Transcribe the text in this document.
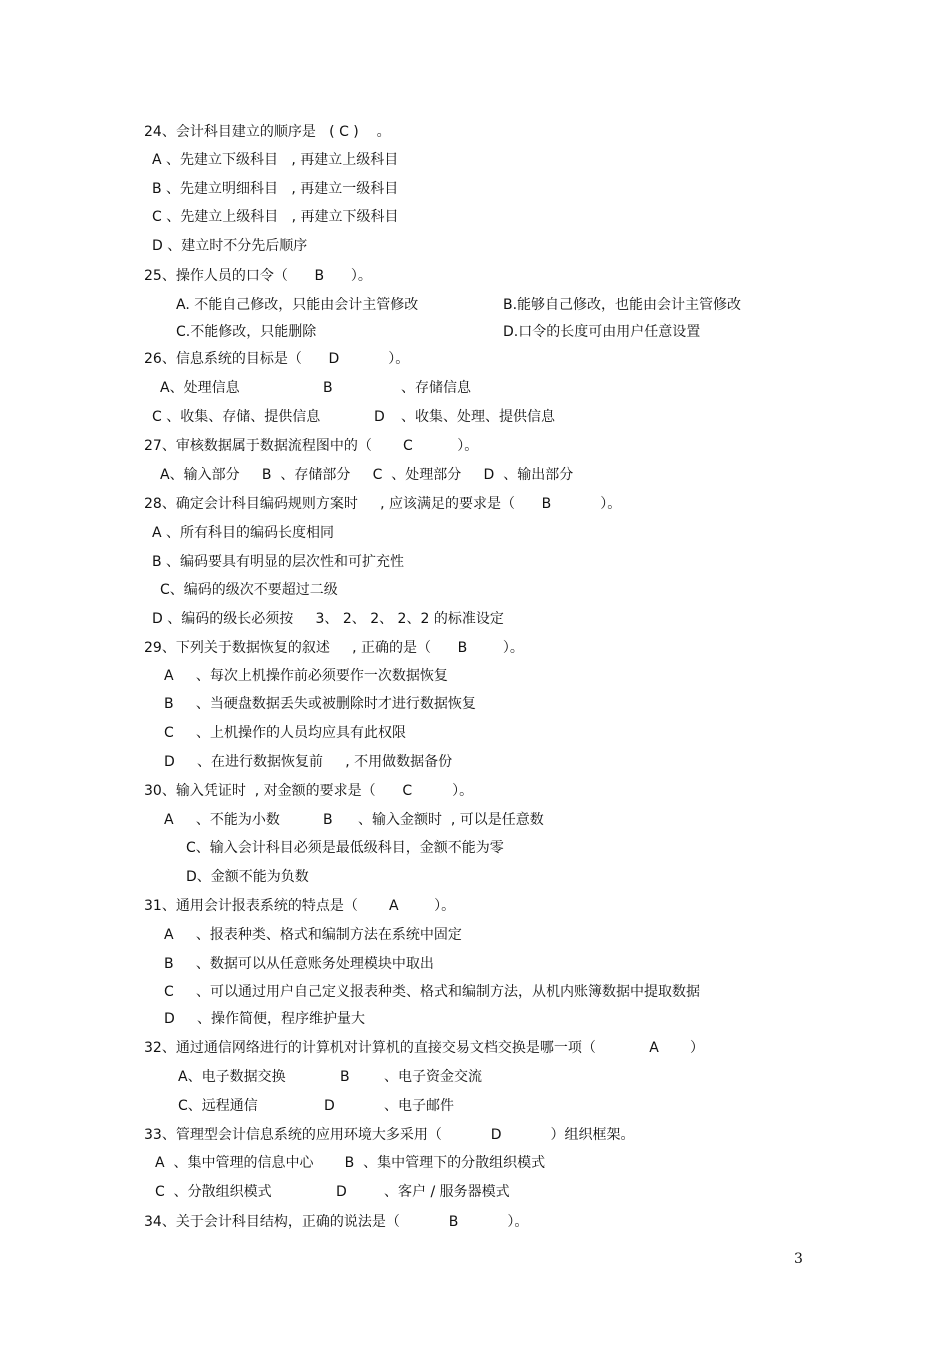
24、会计科目建立的顺序是   ( C )    。
A 、先建立下级科目   , 再建立上级科目
B 、先建立明细科目   , 再建立一级科目
C 、先建立上级科目   , 再建立下级科目
D 、建立时不分先后顺序
25、操作人员的口令（      B      ）。
A. 不能自己修改，只能由会计主管修改	B.能够自己修改，也能由会计主管修改
C.不能修改，只能删除	D.口令的长度可由用户任意设置
26、信息系统的目标是（      D           ）。
A、处理信息	B	、存储信息
C 、收集、存储、提供信息	D 、收集、处理、提供信息
27、审核数据属于数据流程图中的（       C          ）。
A、输入部分     B  、存储部分     C  、处理部分     D  、输出部分
28、确定会计科目编码规则方案时     , 应该满足的要求是（      B           ）。
A 、所有科目的编码长度相同
B 、编码要具有明显的层次性和可扩充性
C、编码的级次不要超过二级
D 、编码的级长必须按     3、 2、 2、 2、2 的标准设定
29、下列关于数据恢复的叙述     , 正确的是（      B        ）。
A     、每次上机操作前必须要作一次数据恢复
B     、当硬盘数据丢失或被删除时才进行数据恢复
C     、上机操作的人员均应具有此权限
D     、在进行数据恢复前     , 不用做数据备份
30、输入凭证时  , 对金额的要求是（      C         ）。
A     、不能为小数	B 、输入金额时  , 可以是任意数
C、输入会计科目必须是最低级科目，金额不能为零
D、金额不能为负数
31、通用会计报表系统的特点是（       A        ）。
A     、报表种类、格式和编制方法在系统中固定
B     、数据可以从任意账务处理模块中取出
C     、可以通过用户自己定义报表种类、格式和编制方法，从机内账簿数据中提取数据
D     、操作简便，程序维护量大
32、通过通信网络进行的计算机对计算机的直接交易文档交换是哪一项（            A       ）
A、电子数据交换	B 、电子资金交流
C、远程通信	D	、电子邮件
33、管理型会计信息系统的应用环境大多采用（           D           ）组织框架。
A  、集中管理的信息中心       B  、集中管理下的分散组织模式
C  、分散组织模式	D	、客户 / 服务器模式
34、关于会计科目结构，正确的说法是（           B           ）。
3
